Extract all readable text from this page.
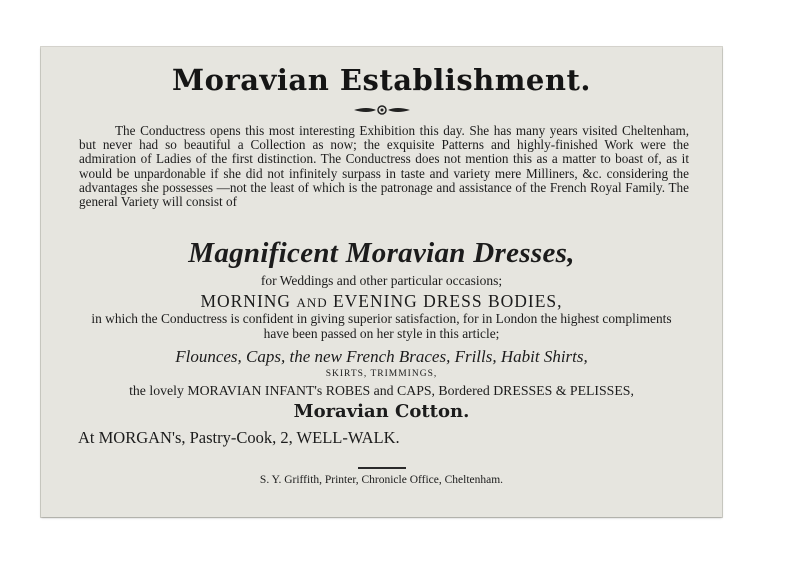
Moravian Establishment.
The Conductress opens this most interesting Exhibition this day. She has many years visited Cheltenham, but never had so beautiful a Collection as now; the exquisite Patterns and highly-finished Work were the admiration of Ladies of the first distinction. The Conductress does not mention this as a matter to boast of, as it would be unpardonable if she did not infinitely surpass in taste and variety mere Milliners, &c. considering the advantages she possesses —not the least of which is the patronage and assistance of the French Royal Family. The general Variety will consist of
Magnificent Moravian Dresses,
for Weddings and other particular occasions;
MORNING AND EVENING DRESS BODIES,
in which the Conductress is confident in giving superior satisfaction, for in London the highest compliments have been passed on her style in this article;
Flounces, Caps, the new French Braces, Frills, Habit Shirts,
SKIRTS, TRIMMINGS,
the lovely MORAVIAN INFANT's ROBES and CAPS, Bordered DRESSES & PELISSES,
Moravian Cotton.
At MORGAN's, Pastry-Cook, 2, WELL-WALK.
S. Y. Griffith, Printer, Chronicle Office, Cheltenham.
